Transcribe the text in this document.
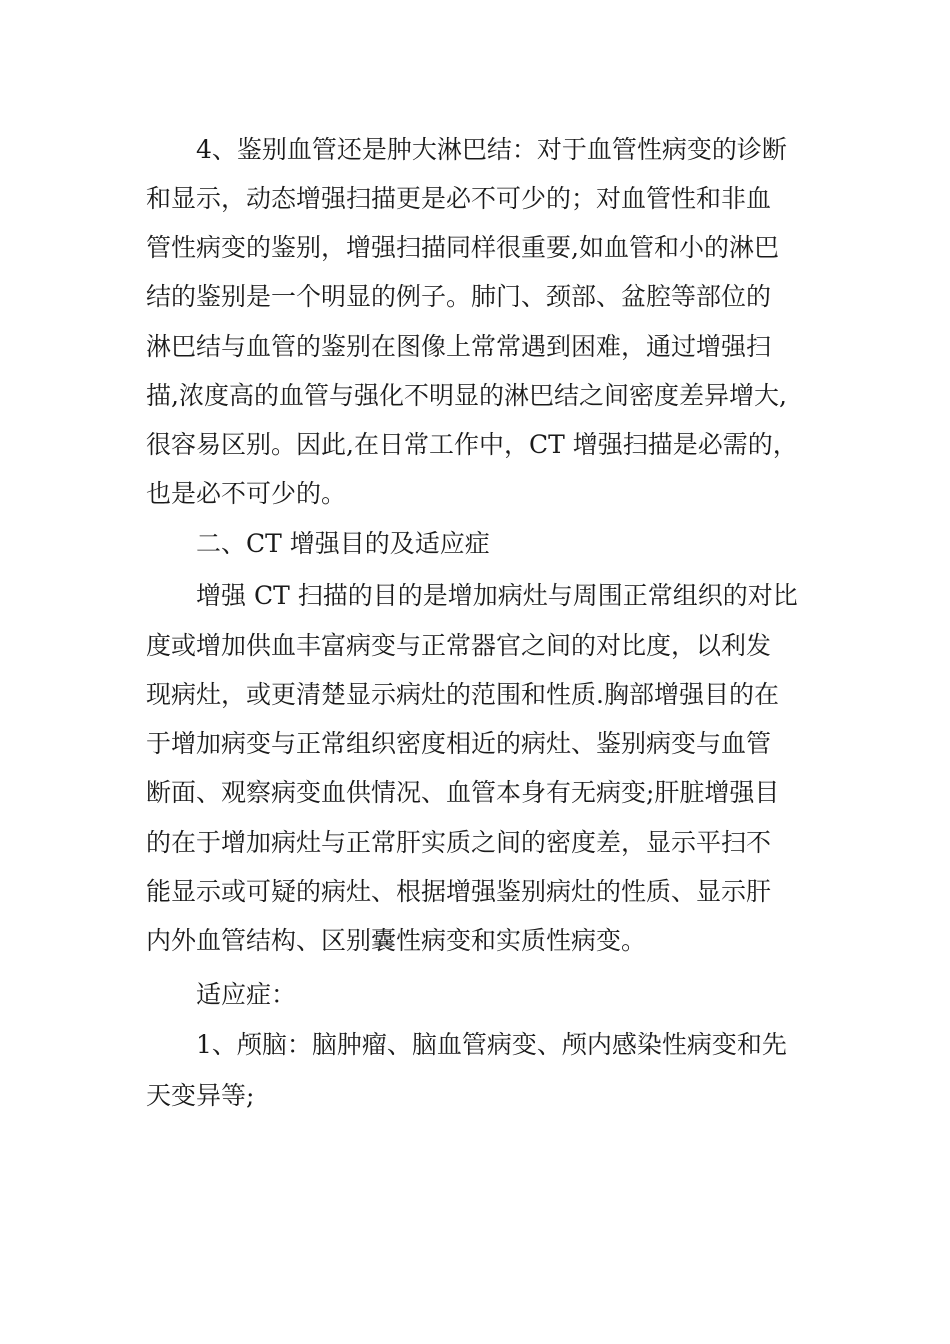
4、鉴别血管还是肿大淋巴结：对于血管性病变的诊断
和显示，动态增强扫描更是必不可少的；对血管性和非血
管性病变的鉴别，增强扫描同样很重要,如血管和小的淋巴
结的鉴别是一个明显的例子。肺门、颈部、盆腔等部位的
淋巴结与血管的鉴别在图像上常常遇到困难，通过增强扫
描,浓度高的血管与强化不明显的淋巴结之间密度差异增大,
很容易区别。因此,在日常工作中，CT 增强扫描是必需的，
也是必不可少的。
二、CT 增强目的及适应症
增强 CT 扫描的目的是增加病灶与周围正常组织的对比
度或增加供血丰富病变与正常器官之间的对比度，以利发
现病灶，或更清楚显示病灶的范围和性质.胸部增强目的在
于增加病变与正常组织密度相近的病灶、鉴别病变与血管
断面、观察病变血供情况、血管本身有无病变;肝脏增强目
的在于增加病灶与正常肝实质之间的密度差，显示平扫不
能显示或可疑的病灶、根据增强鉴别病灶的性质、显示肝
内外血管结构、区别囊性病变和实质性病变。
适应症：
1、颅脑：脑肿瘤、脑血管病变、颅内感染性病变和先
天变异等;
